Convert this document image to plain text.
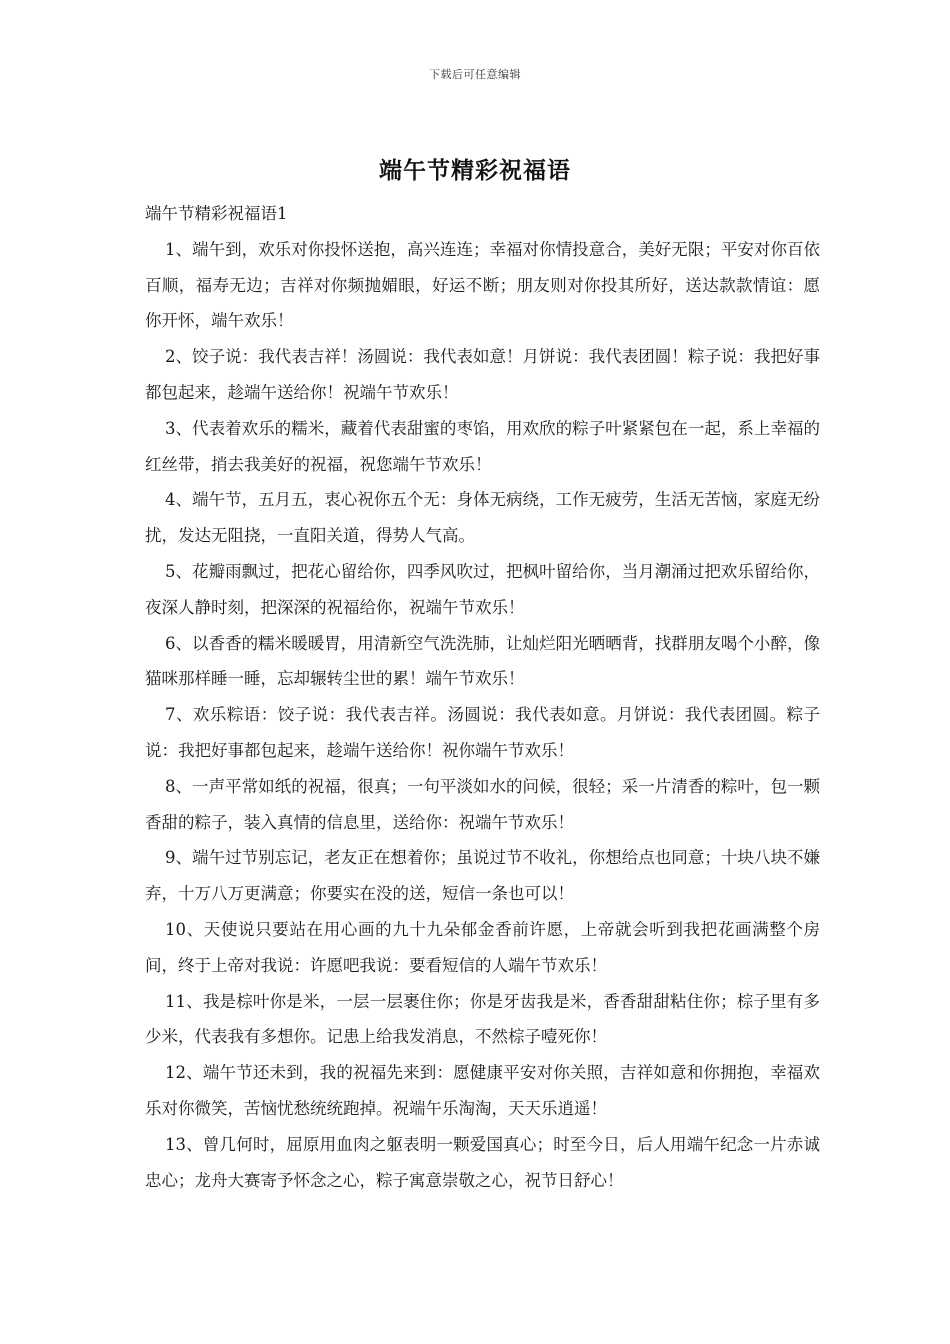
下载后可任意编辑
端午节精彩祝福语

端午节精彩祝福语1

1、端午到，欢乐对你投怀送抱，高兴连连；幸福对你情投意合，美好无限；平安对你百依百顺，福寿无边；吉祥对你频抛媚眼，好运不断；朋友则对你投其所好，送达款款情谊：愿你开怀，端午欢乐！

2、饺子说：我代表吉祥！汤圆说：我代表如意！月饼说：我代表团圆！粽子说：我把好事都包起来，趁端午送给你！祝端午节欢乐！

3、代表着欢乐的糯米，藏着代表甜蜜的枣馅，用欢欣的粽子叶紧紧包在一起，系上幸福的红丝带，捎去我美好的祝福，祝您端午节欢乐！

4、端午节，五月五，衷心祝你五个无：身体无病绕，工作无疲劳，生活无苦恼，家庭无纷扰，发达无阻挠，一直阳关道，得势人气高。

5、花瓣雨飘过，把花心留给你，四季风吹过，把枫叶留给你，当月潮涌过把欢乐留给你，夜深人静时刻，把深深的祝福给你，祝端午节欢乐！

6、以香香的糯米暖暖胃，用清新空气洗洗肺，让灿烂阳光晒晒背，找群朋友喝个小醉，像猫咪那样睡一睡，忘却辗转尘世的累！端午节欢乐！

7、欢乐粽语：饺子说：我代表吉祥。汤圆说：我代表如意。月饼说：我代表团圆。粽子说：我把好事都包起来，趁端午送给你！祝你端午节欢乐！

8、一声平常如纸的祝福，很真；一句平淡如水的问候，很轻；采一片清香的粽叶，包一颗香甜的粽子，装入真情的信息里，送给你：祝端午节欢乐！

9、端午过节别忘记，老友正在想着你；虽说过节不收礼，你想给点也同意；十块八块不嫌弃，十万八万更满意；你要实在没的送，短信一条也可以！

10、天使说只要站在用心画的九十九朵郁金香前许愿，上帝就会听到我把花画满整个房间，终于上帝对我说：许愿吧我说：要看短信的人端午节欢乐！

11、我是棕叶你是米，一层一层裹住你；你是牙齿我是米，香香甜甜粘住你；棕子里有多少米，代表我有多想你。记患上给我发消息，不然棕子噎死你！

12、端午节还未到，我的祝福先来到：愿健康平安对你关照，吉祥如意和你拥抱，幸福欢乐对你微笑，苦恼忧愁统统跑掉。祝端午乐淘淘，天天乐逍遥！

13、曾几何时，屈原用血肉之躯表明一颗爱国真心；时至今日，后人用端午纪念一片赤诚忠心；龙舟大赛寄予怀念之心，粽子寓意崇敬之心，祝节日舒心！
